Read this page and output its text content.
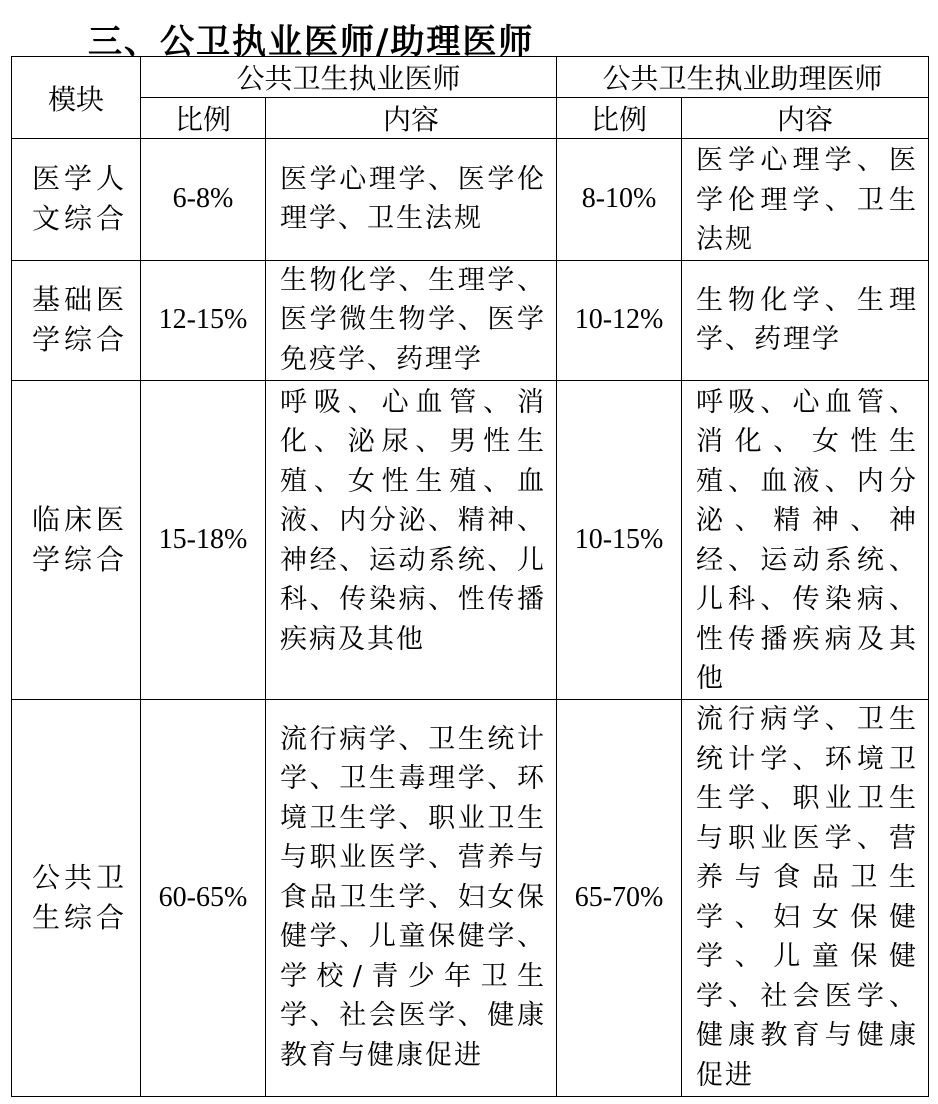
三、公卫执业医师/助理医师
模块	公共卫生执业医师		公共卫生执业助理医师	
	比例	内容	比例	内容
医学人文综合	6-8%	医学心理学、医学伦理学、卫生法规	8-10%	医学心理学、医学伦理学、卫生法规
基础医学综合	12-15%	生物化学、生理学、医学微生物学、医学免疫学、药理学	10-12%	生物化学、生理学、药理学
临床医学综合	15-18%	呼吸、心血管、消化、泌尿、男性生殖、女性生殖、血液、内分泌、精神、神经、运动系统、儿科、传染病、性传播疾病及其他	10-15%	呼吸、心血管、消化、女性生殖、血液、内分泌、精神、神经、运动系统、儿科、传染病、性传播疾病及其他
公共卫生综合	60-65%	流行病学、卫生统计学、卫生毒理学、环境卫生学、职业卫生与职业医学、营养与食品卫生学、妇女保健学、儿童保健学、学校/青少年卫生学、社会医学、健康教育与健康促进	65-70%	流行病学、卫生统计学、环境卫生学、职业卫生与职业医学、营养与食品卫生学、妇女保健学、儿童保健学、社会医学、健康教育与健康促进
